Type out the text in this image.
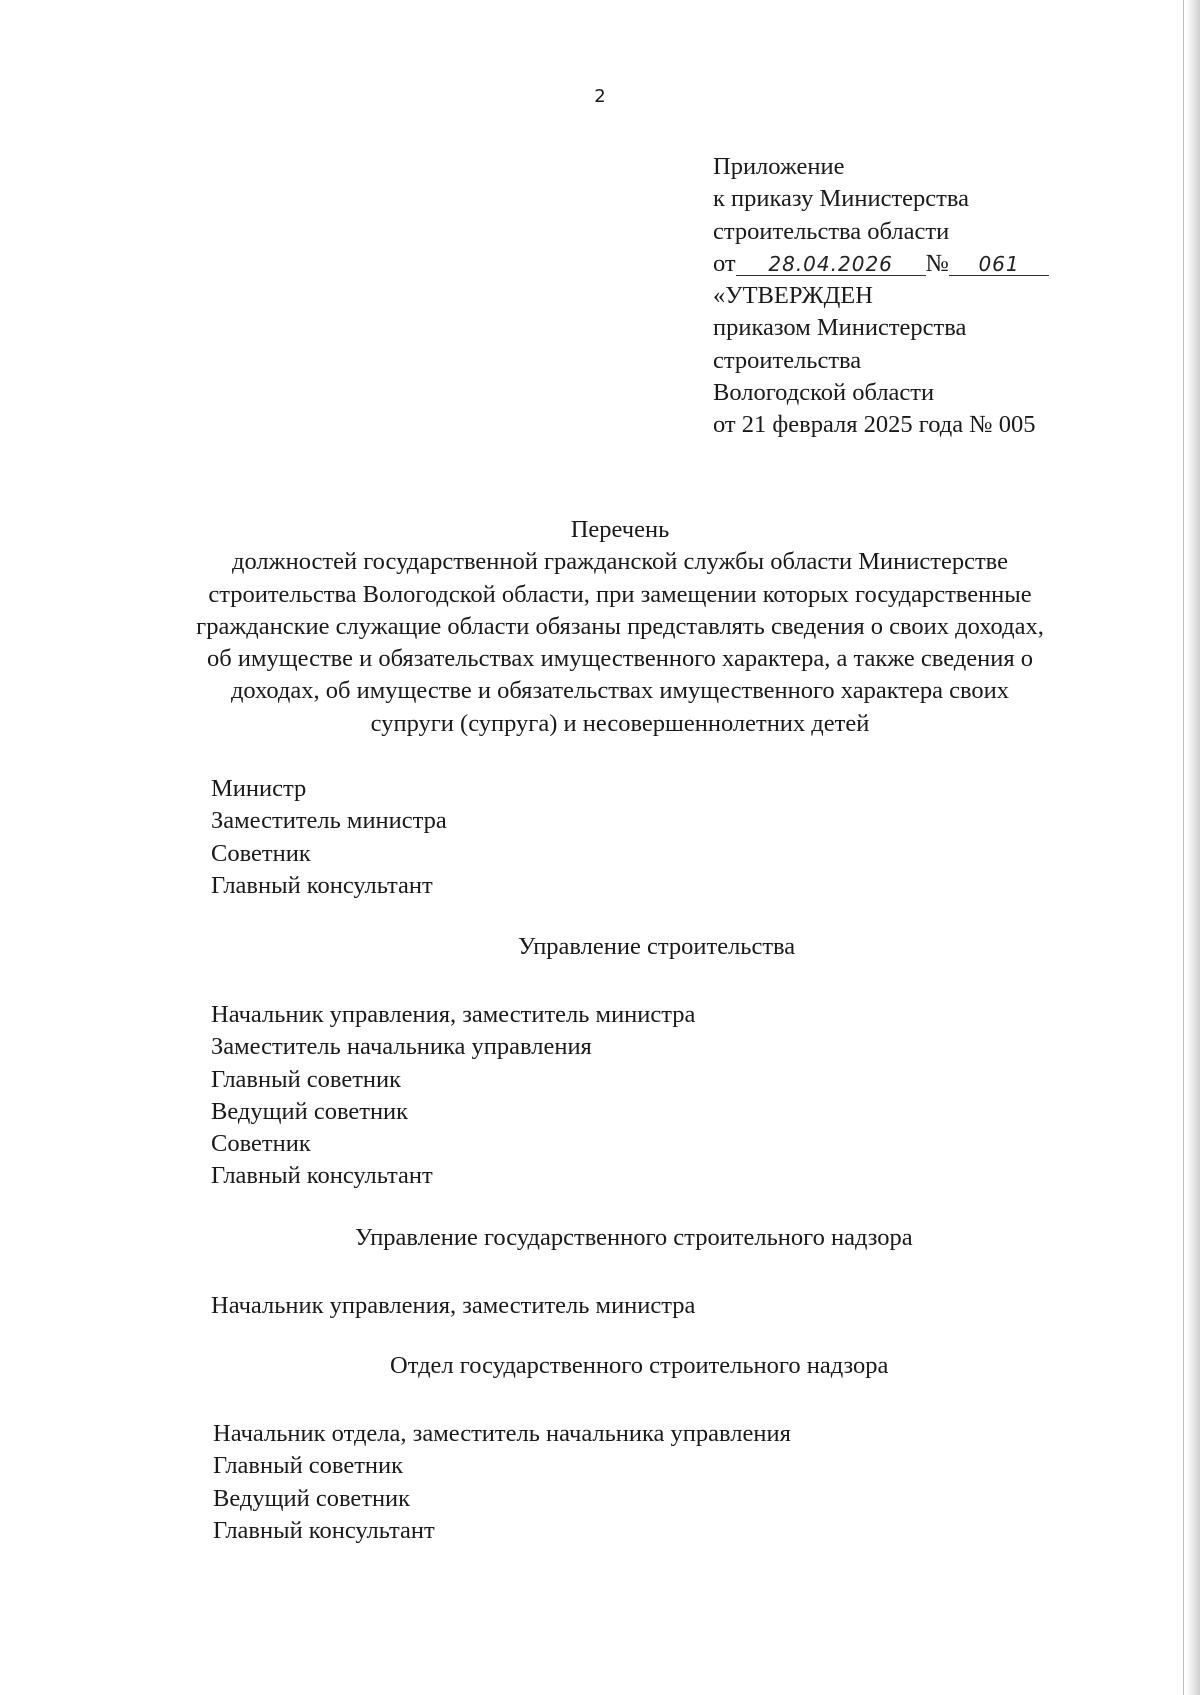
2
Приложение
к приказу Министерства
строительства области
от 28.04.2026 № 061
«УТВЕРЖДЕН
приказом Министерства
строительства
Вологодской области
от 21 февраля 2025 года № 005
Перечень
должностей государственной гражданской службы области Министерстве
строительства Вологодской области, при замещении которых государственные
гражданские служащие области обязаны представлять сведения о своих доходах,
об имуществе и обязательствах имущественного характера, а также сведения о
доходах, об имуществе и обязательствах имущественного характера своих
супруги (супруга) и несовершеннолетних детей
Министр
Заместитель министра
Советник
Главный консультант
Управление строительства
Начальник управления, заместитель министра
Заместитель начальника управления
Главный советник
Ведущий советник
Советник
Главный консультант
Управление государственного строительного надзора
Начальник управления, заместитель министра
Отдел государственного строительного надзора
Начальник отдела, заместитель начальника управления
Главный советник
Ведущий советник
Главный консультант
